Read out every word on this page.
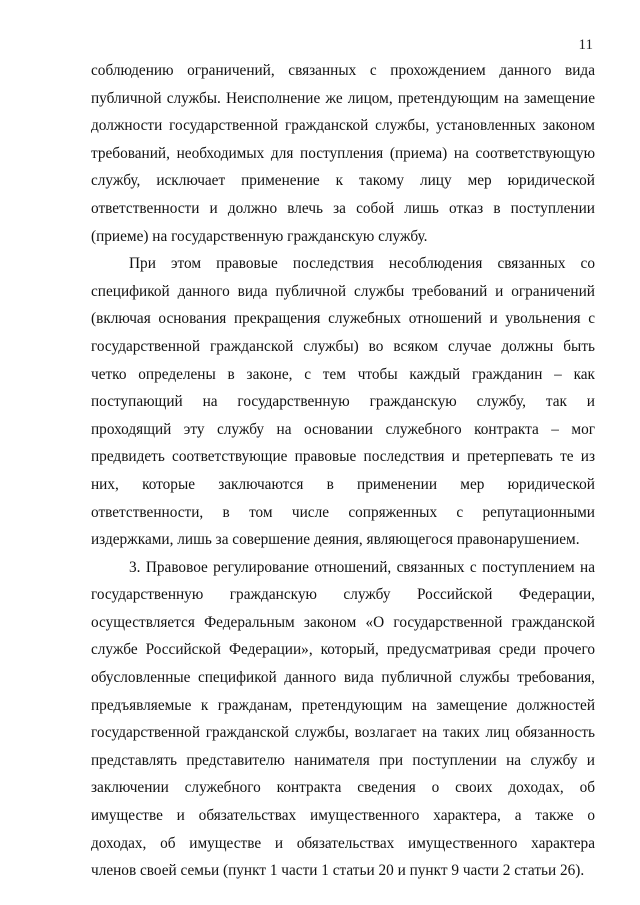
11
соблюдению ограничений, связанных с прохождением данного вида
публичной службы. Неисполнение же лицом, претендующим на замещение
должности государственной гражданской службы, установленных законом
требований, необходимых для поступления (приема) на соответствующую
службу, исключает применение к такому лицу мер юридической
ответственности и должно влечь за собой лишь отказ в поступлении
(приеме) на государственную гражданскую службу.
При этом правовые последствия несоблюдения связанных со
спецификой данного вида публичной службы требований и ограничений
(включая основания прекращения служебных отношений и увольнения с
государственной гражданской службы) во всяком случае должны быть
четко определены в законе, с тем чтобы каждый гражданин – как
поступающий на государственную гражданскую службу, так и
проходящий эту службу на основании служебного контракта – мог
предвидеть соответствующие правовые последствия и претерпевать те из
них, которые заключаются в применении мер юридической
ответственности, в том числе сопряженных с репутационными
издержками, лишь за совершение деяния, являющегося правонарушением.
3. Правовое регулирование отношений, связанных с поступлением на
государственную гражданскую службу Российской Федерации,
осуществляется Федеральным законом «О государственной гражданской
службе Российской Федерации», который, предусматривая среди прочего
обусловленные спецификой данного вида публичной службы требования,
предъявляемые к гражданам, претендующим на замещение должностей
государственной гражданской службы, возлагает на таких лиц обязанность
представлять представителю нанимателя при поступлении на службу и
заключении служебного контракта сведения о своих доходах, об
имуществе и обязательствах имущественного характера, а также о
доходах, об имуществе и обязательствах имущественного характера
членов своей семьи (пункт 1 части 1 статьи 20 и пункт 9 части 2 статьи 26).
